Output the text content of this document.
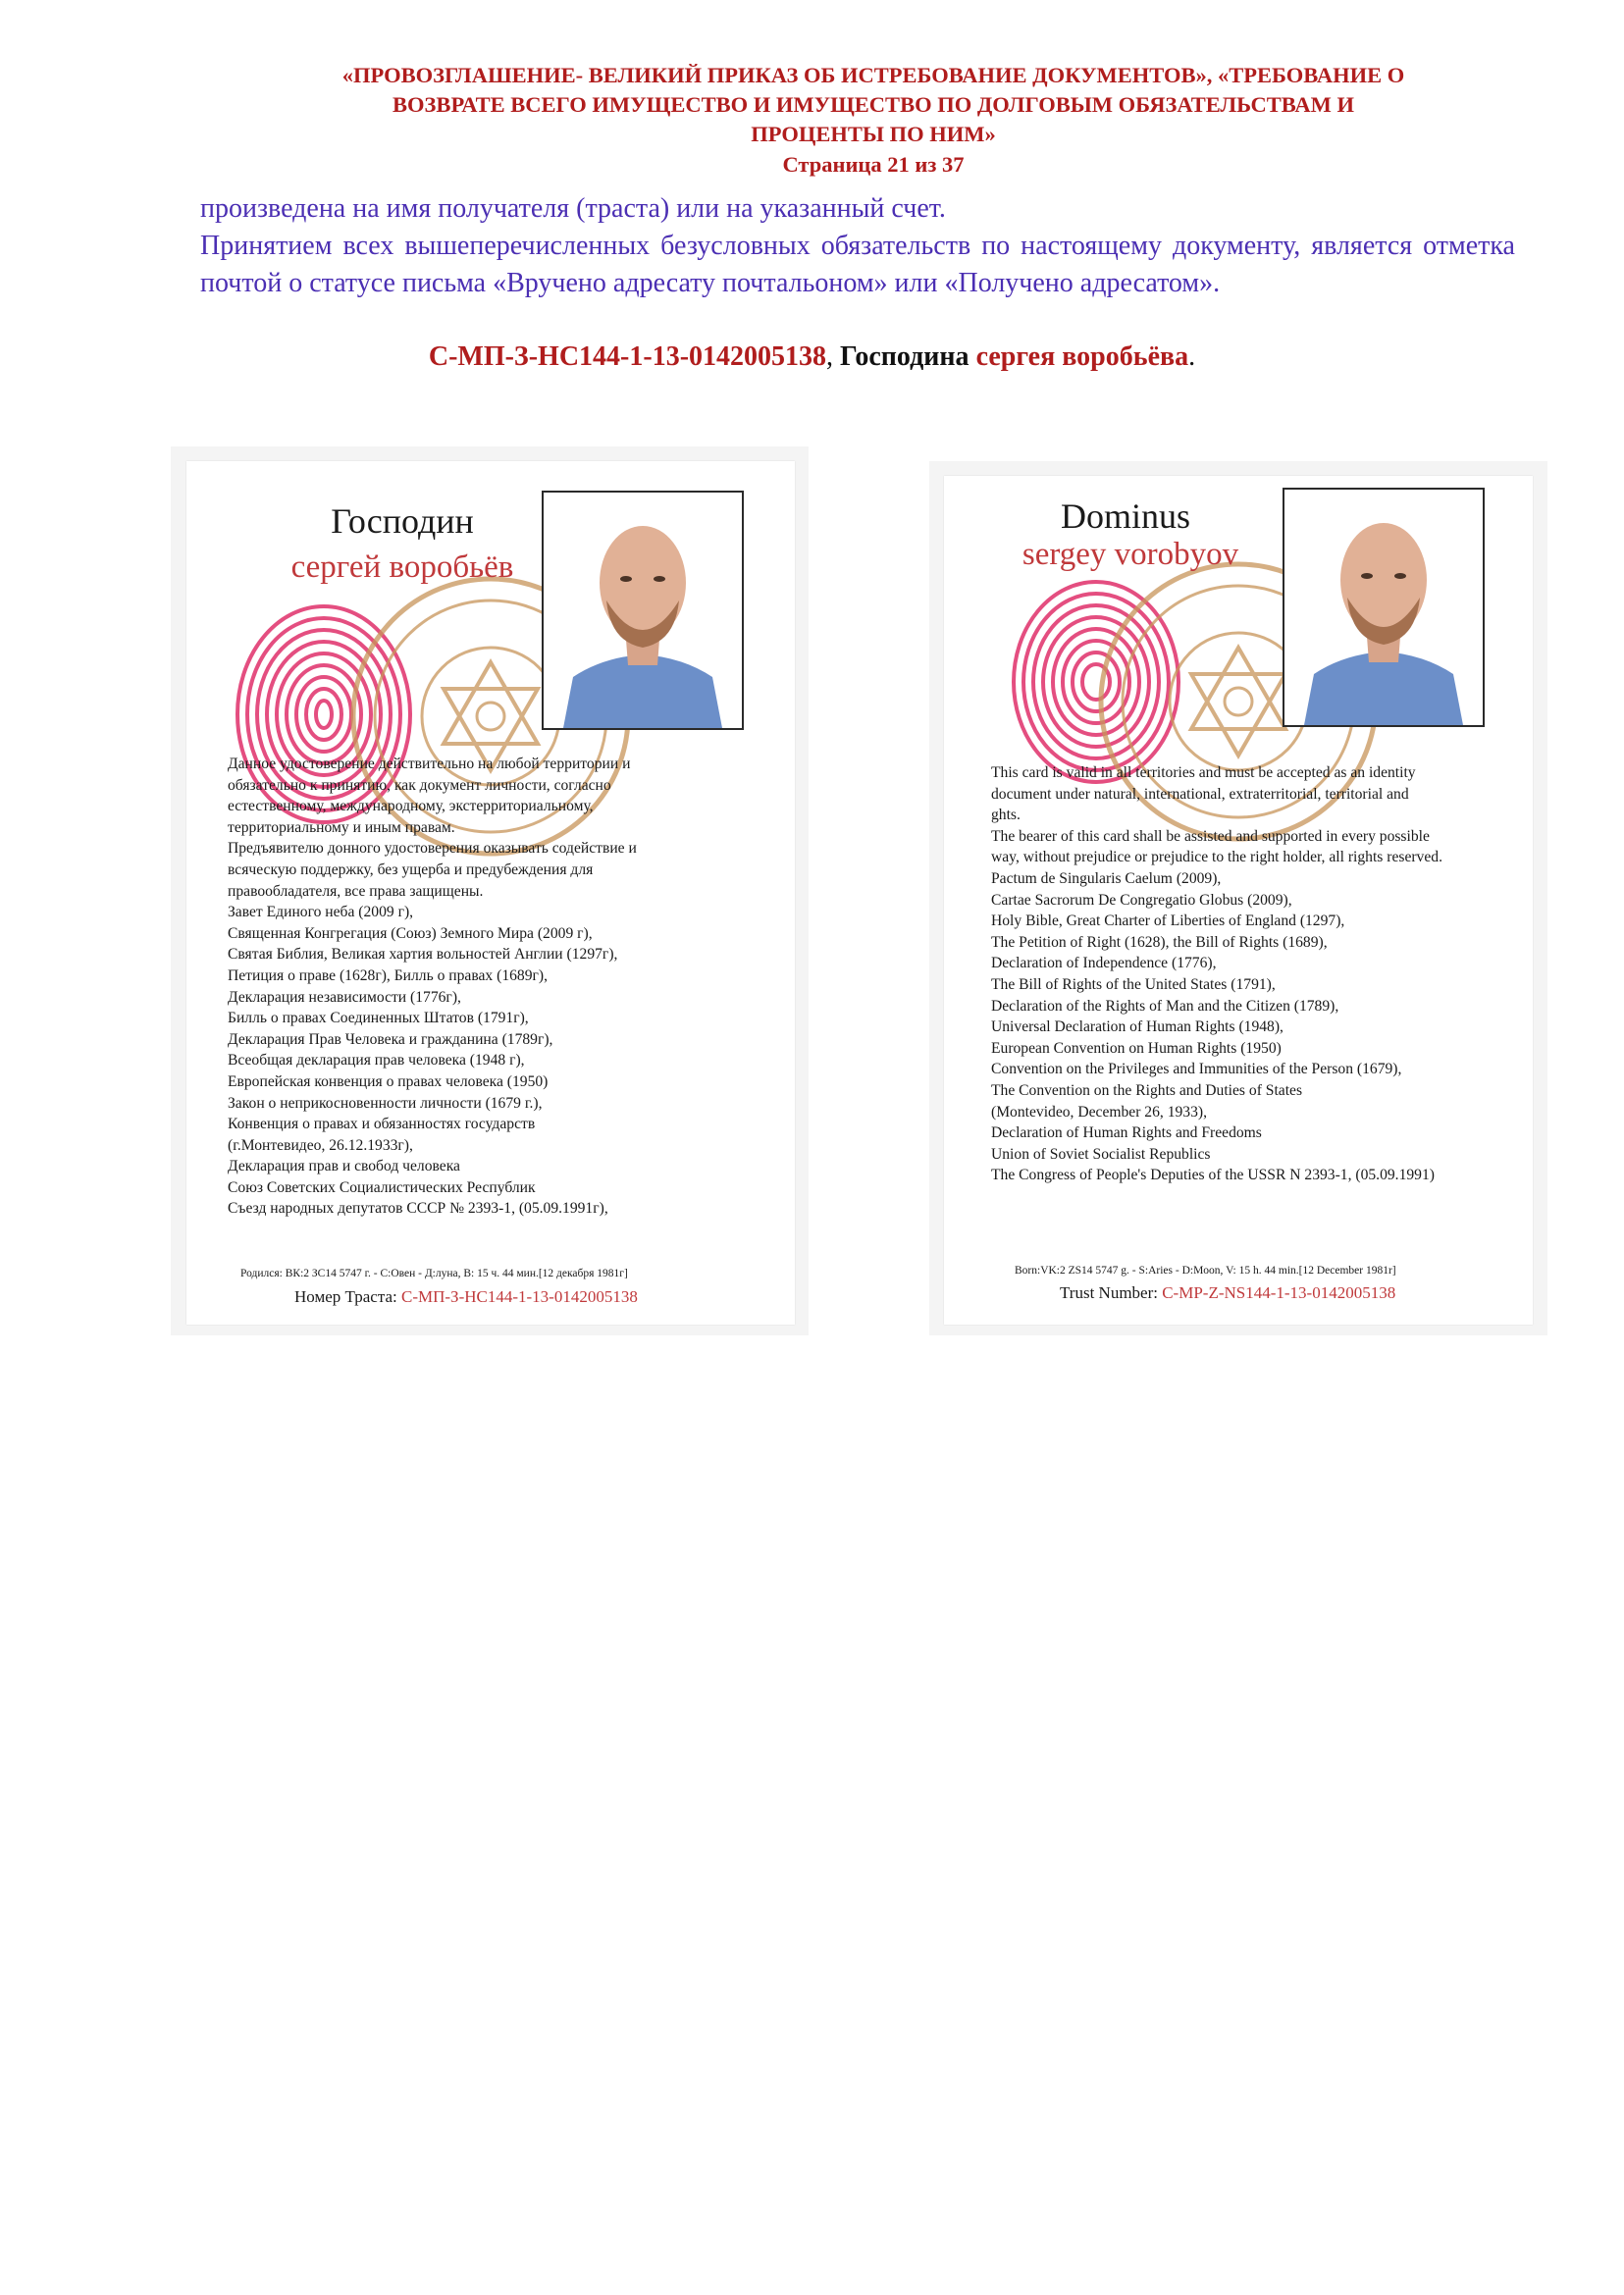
«ПРОВОЗГЛАШЕНИЕ- ВЕЛИКИЙ ПРИКАЗ ОБ ИСТРЕБОВАНИЕ ДОКУМЕНТОВ», «ТРЕБОВАНИЕ О
ВОЗВРАТЕ ВСЕГО ИМУЩЕСТВО И ИМУЩЕСТВО ПО ДОЛГОВЫМ ОБЯЗАТЕЛЬСТВАМ И
ПРОЦЕНТЫ ПО НИМ»
Страница 21 из 37

произведена на имя получателя (траста) или на указанный счет.

Принятием всех вышеперечисленных безусловных обязательств по настоящему документу, является отметка почтой о статусе письма «Вручено адресату почтальоном» или «Получено адресатом».

С-МП-З-НС144-1-13-0142005138, Господина сергея воробьёва.
Господин
сергей воробьёв
Данное удостоверение действительно на любой территории и
обязательно к принятию, как документ личности, согласно
естественному, международному, экстерриториальному,
территориальному и иным правам.
Предъявителю донного удостоверения оказывать содействие и
всяческую поддержку, без ущерба и предубеждения для
правообладателя, все права защищены.
Завет Единого неба (2009 г),
Священная Конгрегация (Союз) Земного Мира (2009 г),
Святая Библия, Великая хартия вольностей Англии (1297г),
Петиция о праве (1628г), Билль о правах (1689г),
Декларация независимости (1776г),
Билль о правах Соединенных Штатов (1791г),
Декларация Прав Человека и гражданина (1789г),
Всеобщая декларация прав человека (1948 г),
Европейская конвенция о правах человека (1950)
Закон о неприкосновенности личности (1679 г.),
Конвенция о правах и обязанностях государств
(г.Монтевидео, 26.12.1933г),
Декларация прав и свобод человека
Союз Советских Социалистических Республик
Съезд народных депутатов СССР № 2393-1, (05.09.1991г),
Родился: ВК:2 ЗС14 5747 г. - С:Овен - Д:луна, В: 15 ч. 44 мин.[12 декабря 1981г]
Номер Траста: С-МП-З-НС144-1-13-0142005138
Dominus
sergey vorobyov
This card is valid in all territories and must be accepted as an identity
document under natural, international, extraterritorial, territorial and
ghts.
The bearer of this card shall be assisted and supported in every possible
way, without prejudice or prejudice to the right holder, all rights reserved.
Pactum de Singularis Caelum (2009),
Cartae Sacrorum De Congregatio Globus (2009),
Holy Bible, Great Charter of Liberties of England (1297),
The Petition of Right (1628), the Bill of Rights (1689),
Declaration of Independence (1776),
The Bill of Rights of the United States (1791),
Declaration of the Rights of Man and the Citizen (1789),
Universal Declaration of Human Rights (1948),
European Convention on Human Rights (1950)
Convention on the Privileges and Immunities of the Person (1679),
The Convention on the Rights and Duties of States
(Montevideo, December 26, 1933),
Declaration of Human Rights and Freedoms
Union of Soviet Socialist Republics
The Congress of People's Deputies of the USSR N 2393-1, (05.09.1991)
Born:VK:2 ZS14 5747 g. - S:Aries - D:Moon, V: 15 h. 44 min.[12 December 1981r]
Trust Number: C-MP-Z-NS144-1-13-0142005138
